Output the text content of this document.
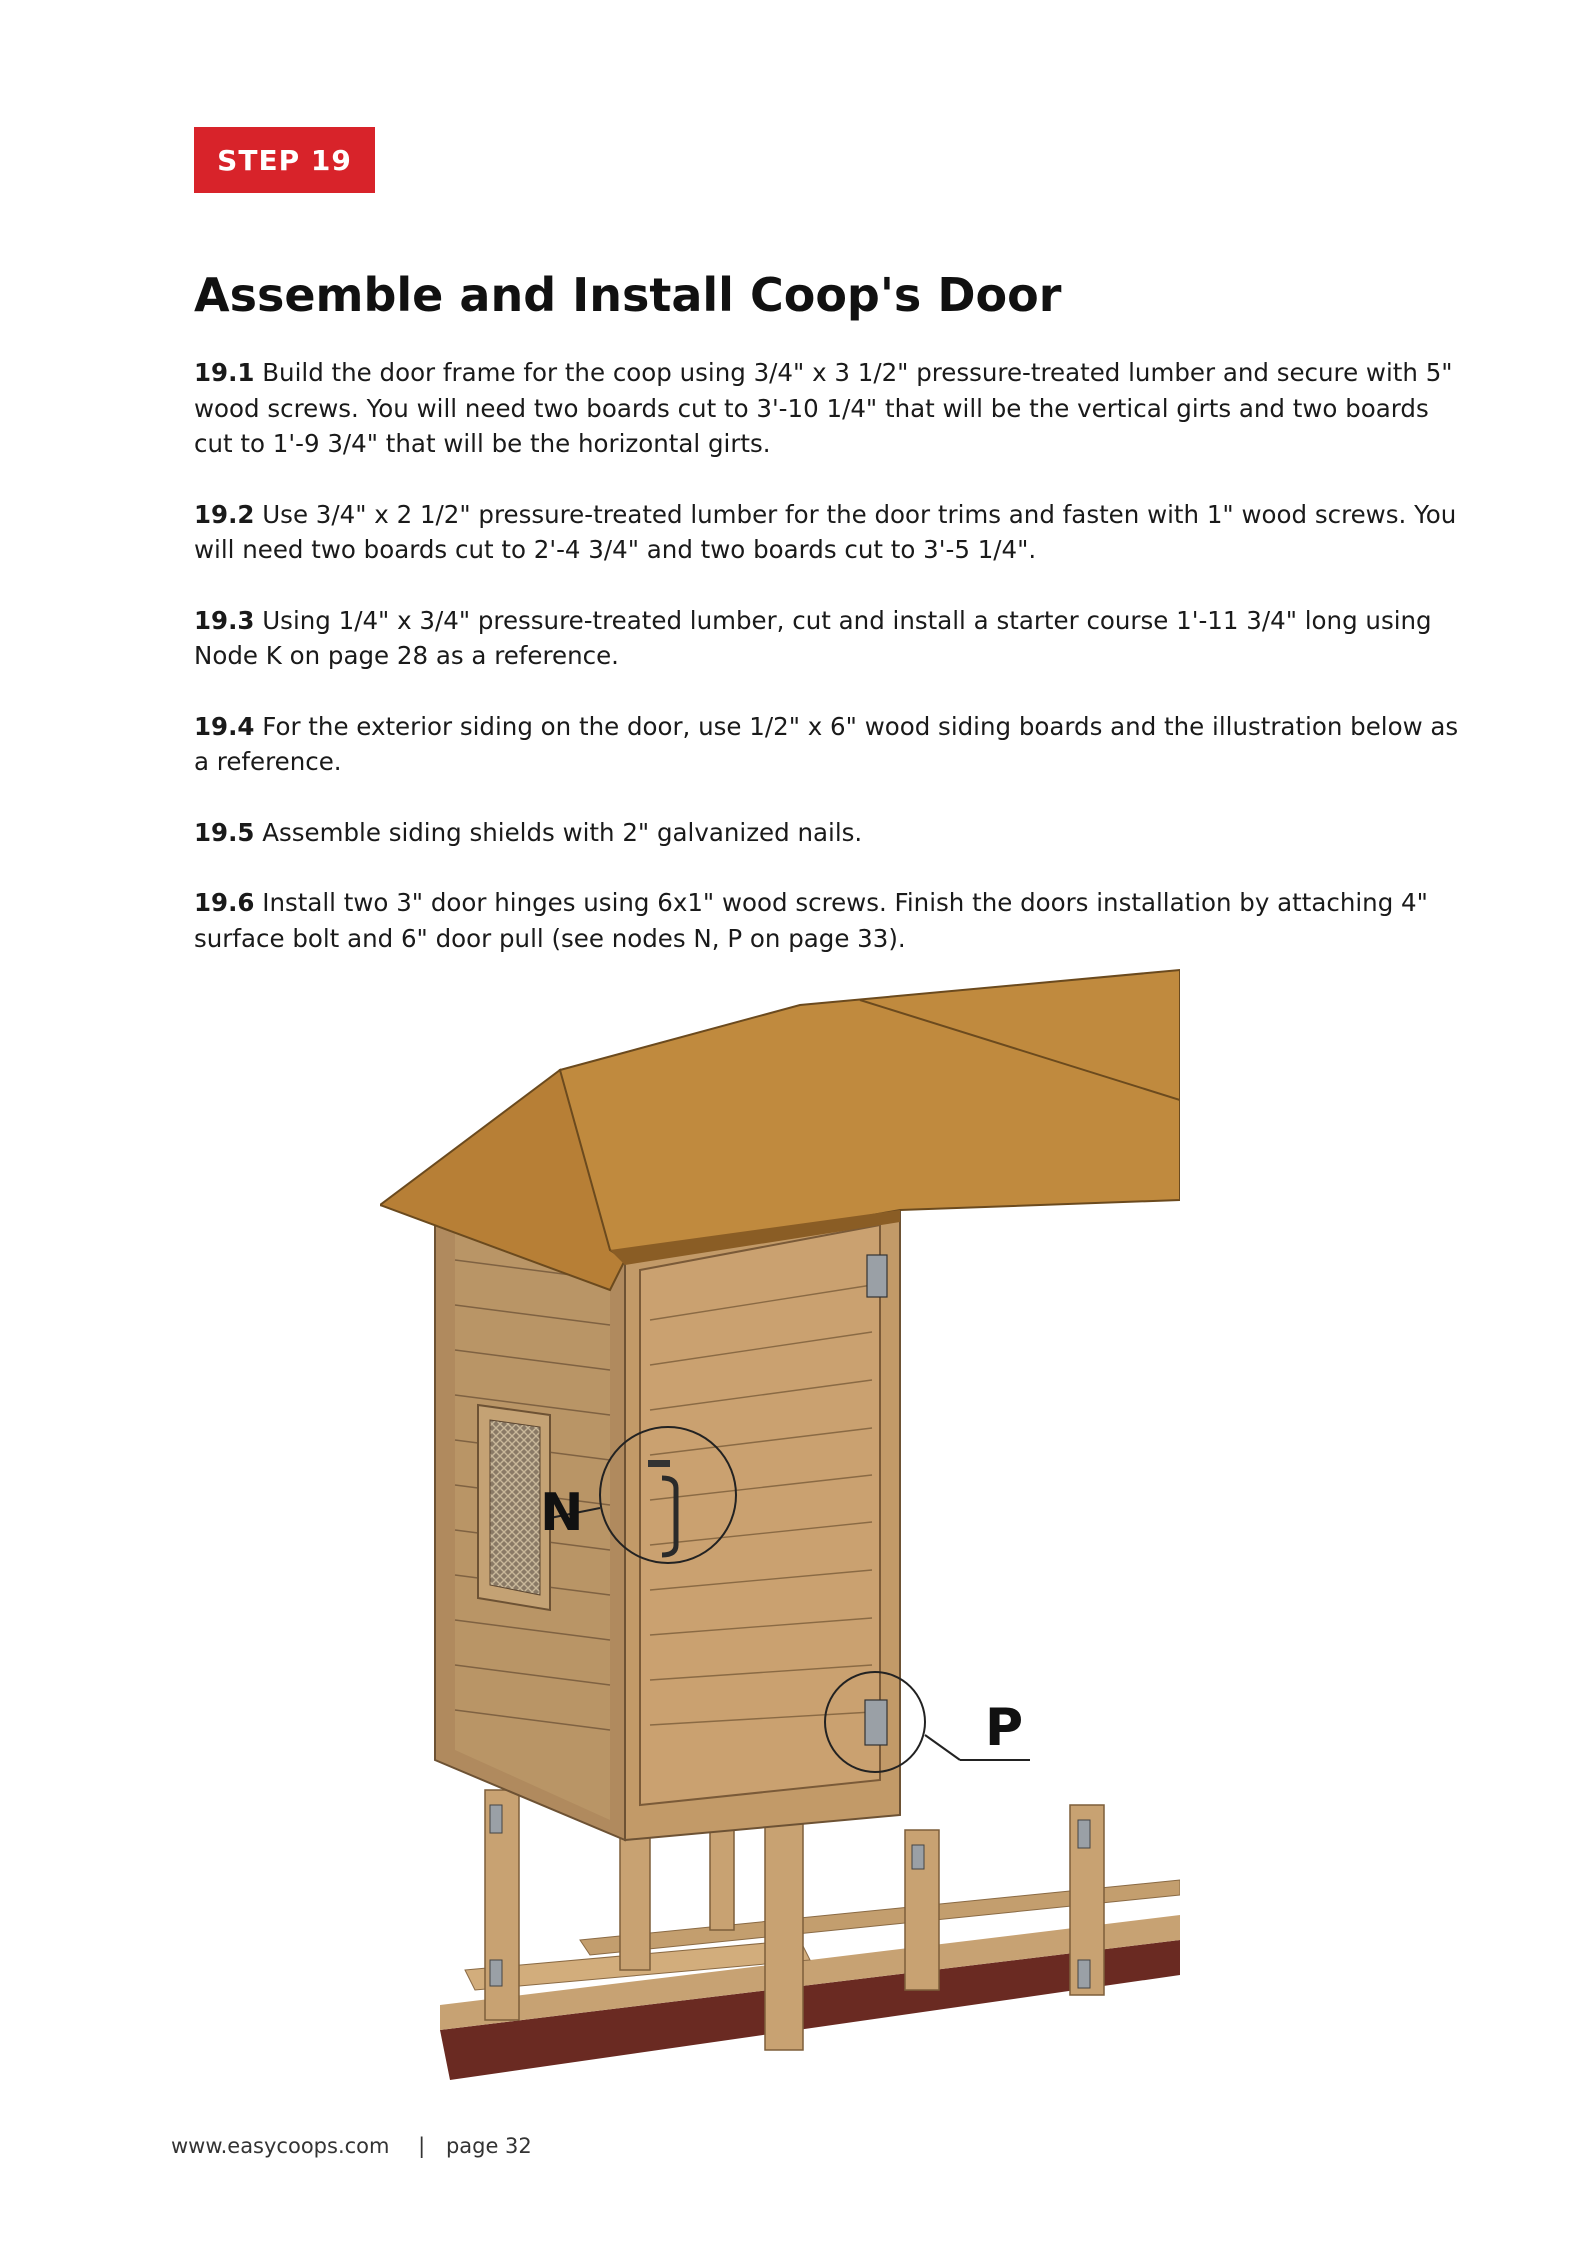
STEP 19
Assemble and Install Coop's Door

19.1 Build the door frame for the coop using 3/4" x 3 1/2" pressure-treated lumber and secure with 5" wood screws. You will need two boards cut to 3'-10 1/4" that will be the vertical girts and two boards cut to 1'-9 3/4" that will be the horizontal girts.

19.2 Use 3/4" x 2 1/2" pressure-treated lumber for the door trims and fasten with 1" wood screws. You will need two boards cut to 2'-4 3/4" and two boards cut to 3'-5 1/4".

19.3 Using 1/4" x 3/4" pressure-treated lumber, cut and install a starter course 1'-11 3/4" long using Node K on page 28 as a reference.

19.4 For the exterior siding on the door, use 1/2" x 6" wood siding boards and the illustration below as a reference.

19.5 Assemble siding shields with 2" galvanized nails.

19.6 Install two 3" door hinges using 6x1" wood screws. Finish the doors installation by attaching 4" surface bolt and 6" door pull (see nodes N, P on page 33).

N
P
www.easycoops.com | page 32
